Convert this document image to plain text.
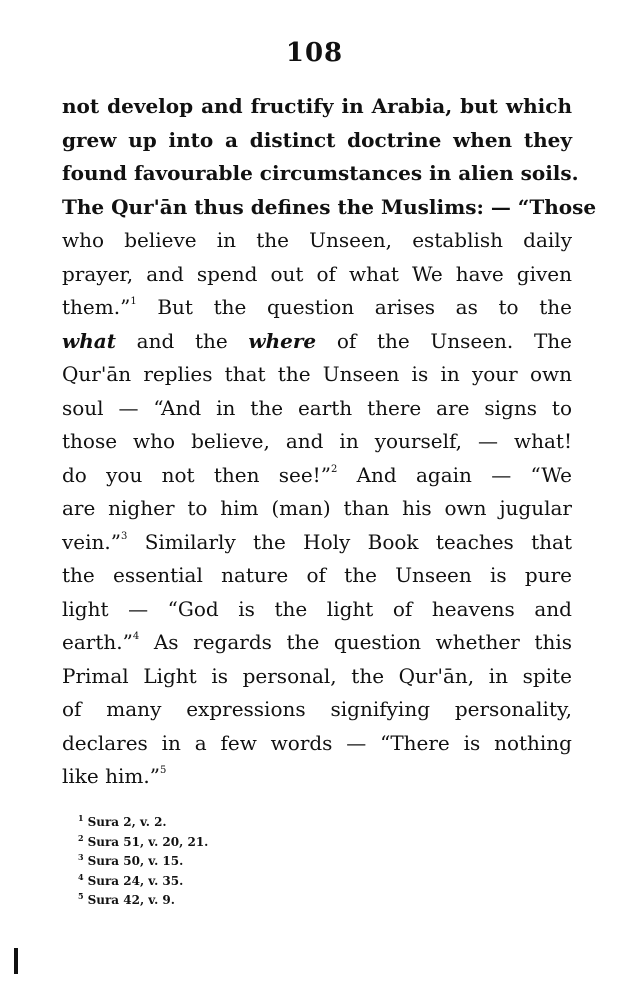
108
not develop and fructify in Arabia, but which
grew up into a distinct doctrine when they
found favourable circumstances in alien soils.
The Qur'ān thus defines the Muslims: — “Those
who believe in the Unseen, establish daily
prayer, and spend out of what We have given
them.”$^1$ But the question arises as to the
what and the where of the Unseen. The
Qur'ān replies that the Unseen is in your own
soul — “And in the earth there are signs to
those who believe, and in yourself, — what!
do you not then see!”$^2$ And again — “We
are nigher to him (man) than his own jugular
vein.”$^3$ Similarly the Holy Book teaches that
the essential nature of the Unseen is pure
light — “God is the light of heavens and
earth.”$^4$ As regards the question whether this
Primal Light is personal, the Qur'ān, in spite
of many expressions signifying personality,
declares in a few words — “There is nothing
like him.”$^5$
$^1$ Sura 2, v. 2.
$^2$ Sura 51, v. 20, 21.
$^3$ Sura 50, v. 15.
$^4$ Sura 24, v. 35.
$^5$ Sura 42, v. 9.
